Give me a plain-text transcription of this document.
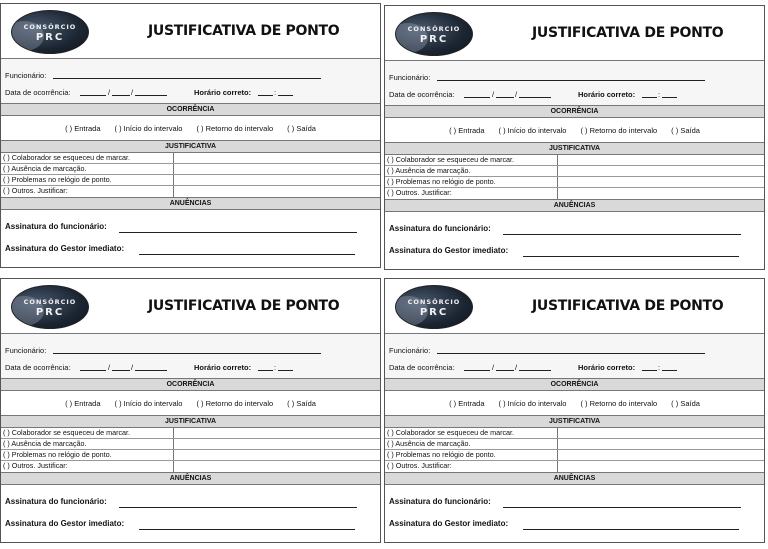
CONSÓRCIO
PRC	JUSTIFICATIVA DE PONTO
Funcionário:
Data de ocorrência:	/	/	Horário correto:	:
OCORRÊNCIA
( ) Entrada ( ) Início do intervalo ( ) Retorno do intervalo ( ) Saída
JUSTIFICATIVA
( ) Colaborador se esqueceu de marcar.
( ) Ausência de marcação.
( ) Problemas no relógio de ponto.
( ) Outros. Justificar:
ANUÊNCIAS
Assinatura do funcionário:
Assinatura do Gestor imediato:
CONSÓRCIO
PRC	JUSTIFICATIVA DE PONTO
Funcionário:
Data de ocorrência:	/	/	Horário correto:	:
OCORRÊNCIA
( ) Entrada ( ) Início do intervalo ( ) Retorno do intervalo ( ) Saída
JUSTIFICATIVA
( ) Colaborador se esqueceu de marcar.
( ) Ausência de marcação.
( ) Problemas no relógio de ponto.
( ) Outros. Justificar:
ANUÊNCIAS
Assinatura do funcionário:
Assinatura do Gestor imediato:
CONSÓRCIO
PRC	JUSTIFICATIVA DE PONTO
Funcionário:
Data de ocorrência:	/	/	Horário correto:	:
OCORRÊNCIA
( ) Entrada ( ) Início do intervalo ( ) Retorno do intervalo ( ) Saída
JUSTIFICATIVA
( ) Colaborador se esqueceu de marcar.
( ) Ausência de marcação.
( ) Problemas no relógio de ponto.
( ) Outros. Justificar:
ANUÊNCIAS
Assinatura do funcionário:
Assinatura do Gestor imediato:
CONSÓRCIO
PRC	JUSTIFICATIVA DE PONTO
Funcionário:
Data de ocorrência:	/	/	Horário correto:	:
OCORRÊNCIA
( ) Entrada ( ) Início do intervalo ( ) Retorno do intervalo ( ) Saída
JUSTIFICATIVA
( ) Colaborador se esqueceu de marcar.
( ) Ausência de marcação.
( ) Problemas no relógio de ponto.
( ) Outros. Justificar:
ANUÊNCIAS
Assinatura do funcionário:
Assinatura do Gestor imediato:
